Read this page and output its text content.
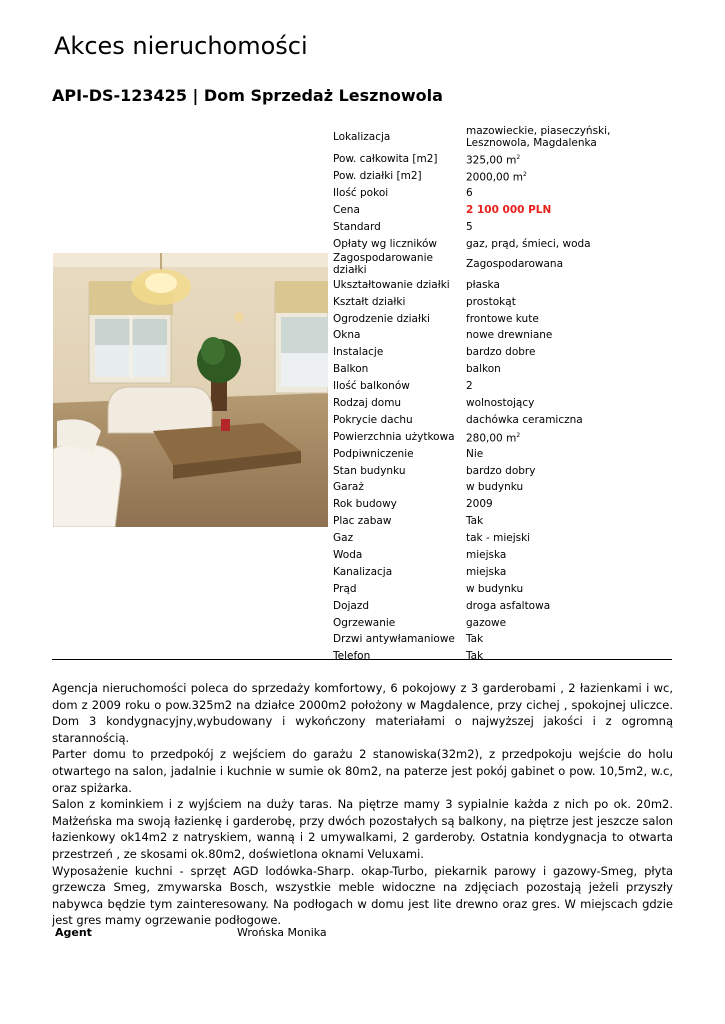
Akces nieruchomości
API-DS-123425 | Dom Sprzedaż Lesznowola
Lokalizacja	mazowieckie, piaseczyński, Lesznowola, Magdalenka
Pow. całkowita [m2]	325,00 $m^2$
Pow. działki [m2]	2000,00 $m^2$
Ilość pokoi	6
Cena	2 100 000 PLN
Standard	5
Opłaty wg liczników	gaz, prąd, śmieci, woda
Zagospodarowanie działki	Zagospodarowana
Ukształtowanie działki	płaska
Kształt działki	prostokąt
Ogrodzenie działki	frontowe kute
Okna	nowe drewniane
Instalacje	bardzo dobre
Balkon	balkon
Ilość balkonów	2
Rodzaj domu	wolnostojący
Pokrycie dachu	dachówka ceramiczna
Powierzchnia użytkowa	280,00 $m^2$
Podpiwniczenie	Nie
Stan budynku	bardzo dobry
Garaż	w budynku
Rok budowy	2009
Plac zabaw	Tak
Gaz	tak - miejski
Woda	miejska
Kanalizacja	miejska
Prąd	w budynku
Dojazd	droga asfaltowa
Ogrzewanie	gazowe
Drzwi antywłamaniowe	Tak
Telefon	Tak

Agencja nieruchomości poleca do sprzedaży komfortowy, 6 pokojowy z 3 garderobami , 2 łazienkami i wc, dom z 2009 roku o pow.325m2 na działce 2000m2 położony w Magdalence, przy cichej , spokojnej uliczce. Dom 3 kondygnacyjny,wybudowany i wykończony materiałami o najwyższej jakości i z ogromną starannością.

Parter domu to przedpokój z wejściem do garażu 2 stanowiska(32m2), z przedpokoju wejście do holu otwartego na salon, jadalnie i kuchnie w sumie ok 80m2, na paterze jest pokój gabinet o pow. 10,5m2, w.c, oraz spiżarka.

Salon z kominkiem i z wyjściem na duży taras. Na piętrze mamy 3 sypialnie każda z nich po ok. 20m2. Małżeńska ma swoją łazienkę i garderobę, przy dwóch pozostałych są balkony, na piętrze jest jeszcze salon łazienkowy ok14m2 z natryskiem, wanną i 2 umywalkami, 2 garderoby. Ostatnia kondygnacja to otwarta przestrzeń , ze skosami ok.80m2, doświetlona oknami Veluxami.

Wyposażenie kuchni - sprzęt AGD lodówka-Sharp. okap-Turbo, piekarnik parowy i gazowy-Smeg, płyta grzewcza Smeg, zmywarska Bosch, wszystkie meble widoczne na zdjęciach pozostają jeżeli przyszły nabywca będzie tym zainteresowany. Na podłogach w domu jest lite drewno oraz gres. W miejscach gdzie jest gres mamy ogrzewanie podłogowe.

Agent	Wrońska Monika
